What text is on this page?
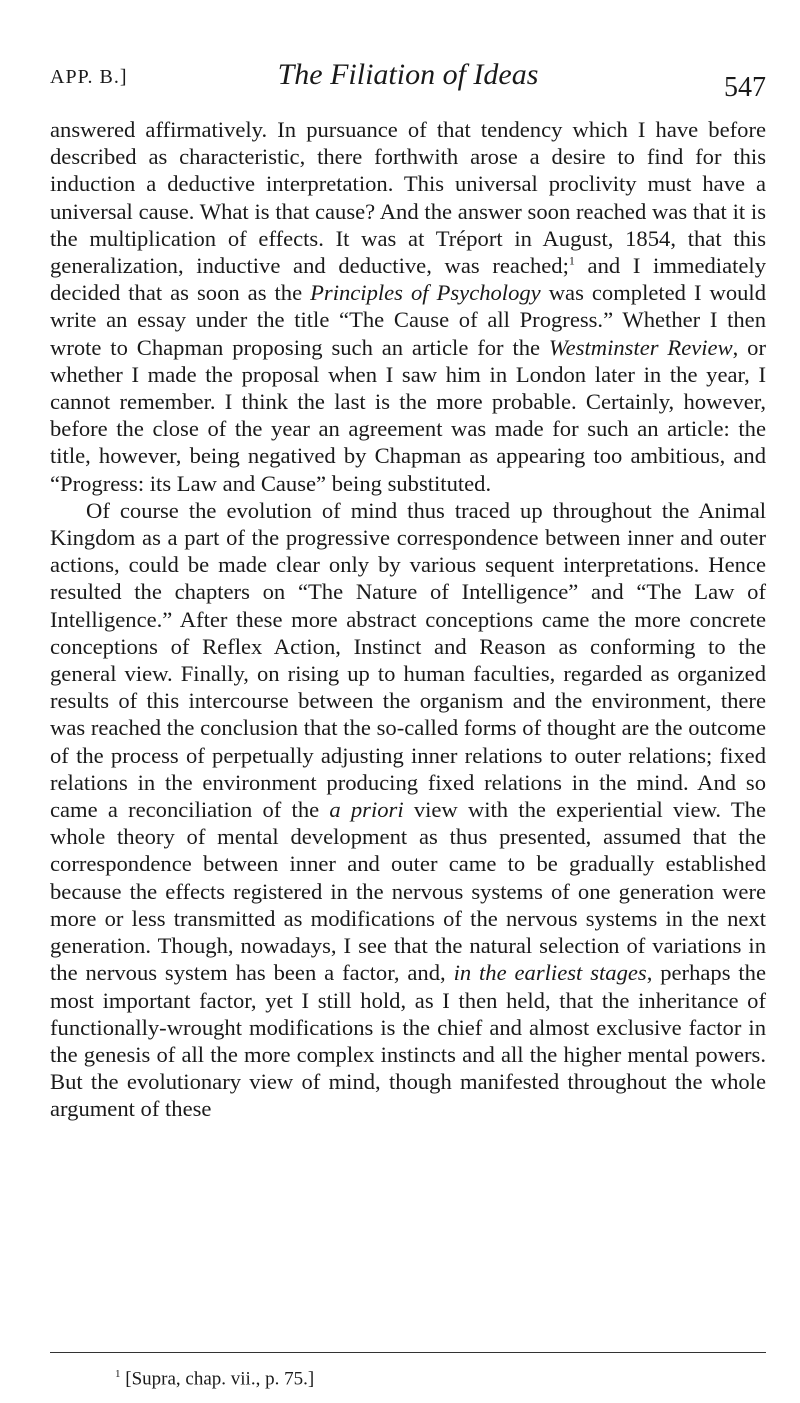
APP. B.]	The Filiation of Ideas	547

answered affirmatively. In pursuance of that tendency which I have before described as characteristic, there forthwith arose a desire to find for this induction a deductive interpretation. This universal proclivity must have a universal cause. What is that cause? And the answer soon reached was that it is the multiplication of effects. It was at Tréport in August, 1854, that this generalization, inductive and deductive, was reached;$^1$ and I immediately decided that as soon as the Principles of Psychology was completed I would write an essay under the title “The Cause of all Progress.” Whether I then wrote to Chapman proposing such an article for the Westminster Review, or whether I made the proposal when I saw him in London later in the year, I cannot remember. I think the last is the more probable. Certainly, however, before the close of the year an agreement was made for such an article: the title, however, being negatived by Chapman as appearing too ambitious, and “Progress: its Law and Cause” being substituted.

Of course the evolution of mind thus traced up throughout the Animal Kingdom as a part of the progressive correspondence between inner and outer actions, could be made clear only by various sequent interpretations. Hence resulted the chapters on “The Nature of Intelligence” and “The Law of Intelligence.” After these more abstract conceptions came the more concrete conceptions of Reflex Action, Instinct and Reason as conforming to the general view. Finally, on rising up to human faculties, regarded as organized results of this intercourse between the organism and the environment, there was reached the conclusion that the so-called forms of thought are the outcome of the process of perpetually adjusting inner relations to outer relations; fixed relations in the environment producing fixed relations in the mind. And so came a reconciliation of the a priori view with the experiential view. The whole theory of mental development as thus presented, assumed that the correspondence between inner and outer came to be gradually established because the effects registered in the nervous systems of one generation were more or less transmitted as modifications of the nervous systems in the next generation. Though, nowadays, I see that the natural selection of variations in the nervous system has been a factor, and, in the earliest stages, perhaps the most important factor, yet I still hold, as I then held, that the inheritance of functionally-wrought modifications is the chief and almost exclusive factor in the genesis of all the more complex instincts and all the higher mental powers. But the evolutionary view of mind, though manifested throughout the whole argument of these

$^1$ [Supra, chap. vii., p. 75.]
